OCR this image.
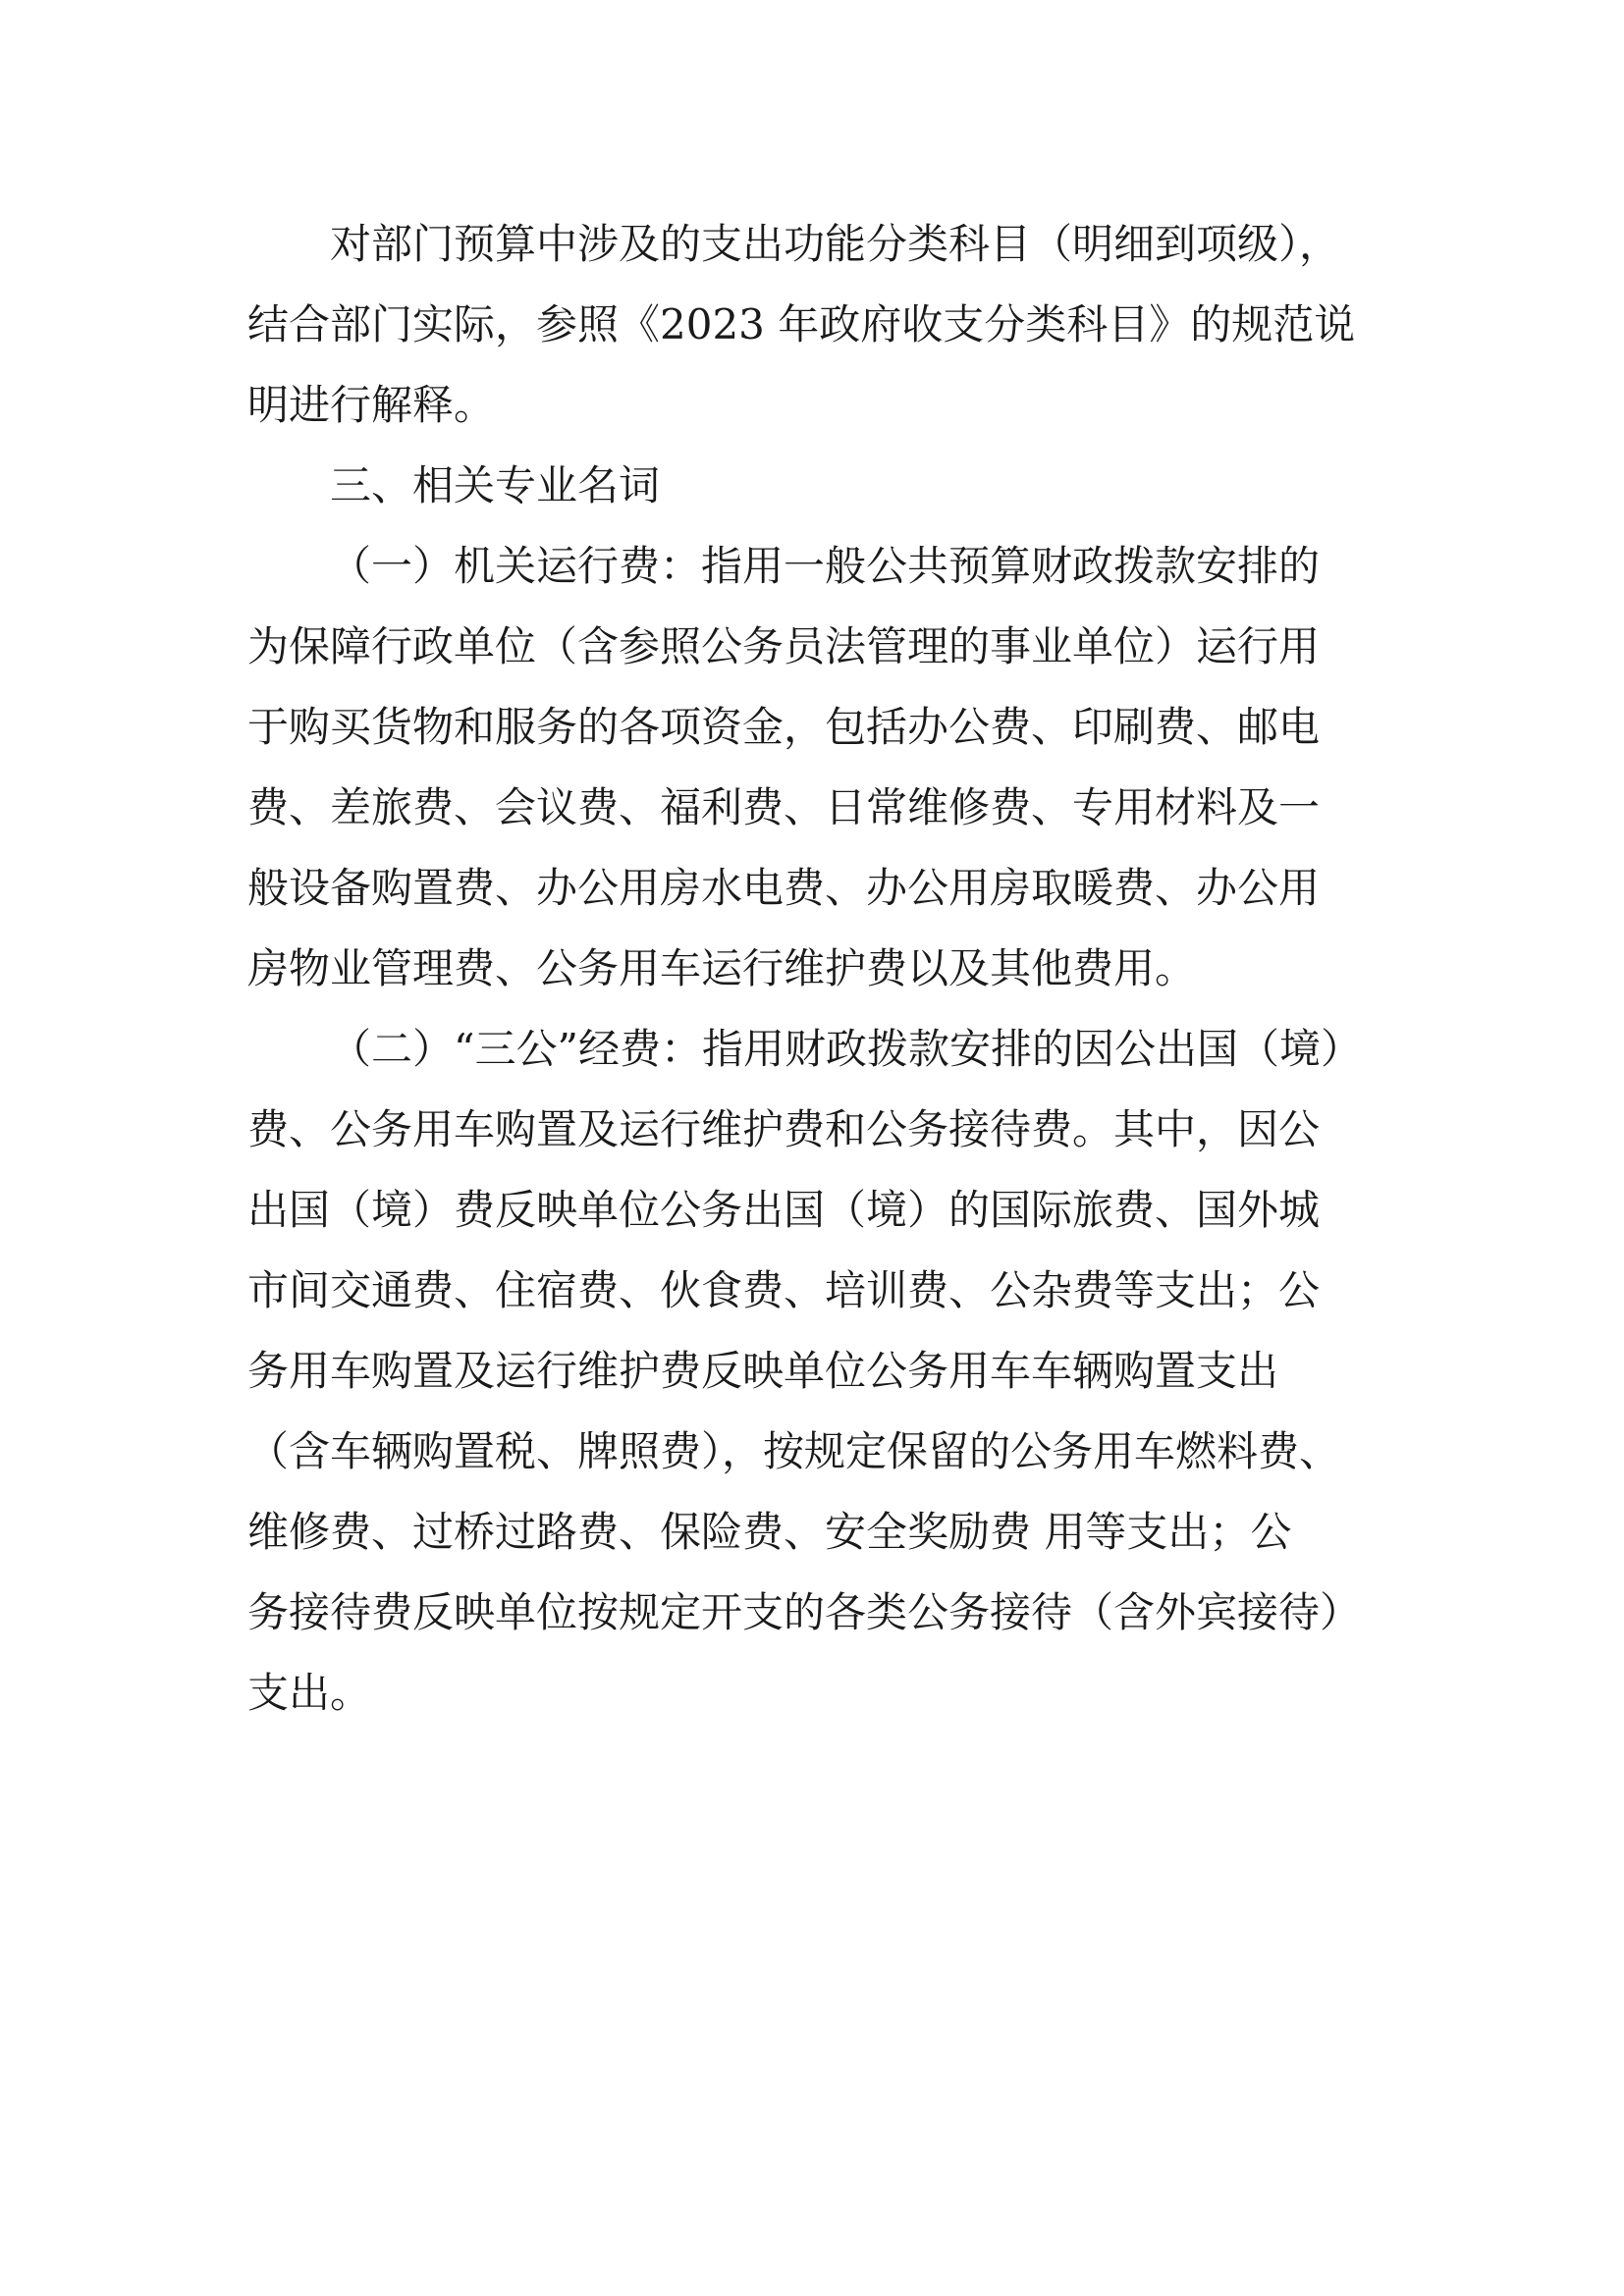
对部门预算中涉及的支出功能分类科目（明细到项级），
结合部门实际，参照《2023 年政府收支分类科目》的规范说
明进行解释。
三、相关专业名词
（一）机关运行费：指用一般公共预算财政拨款安排的
为保障行政单位（含参照公务员法管理的事业单位）运行用
于购买货物和服务的各项资金，包括办公费、印刷费、邮电
费、差旅费、会议费、福利费、日常维修费、专用材料及一
般设备购置费、办公用房水电费、办公用房取暖费、办公用
房物业管理费、公务用车运行维护费以及其他费用。
（二）“三公”经费：指用财政拨款安排的因公出国（境）
费、公务用车购置及运行维护费和公务接待费。其中，因公
出国（境）费反映单位公务出国（境）的国际旅费、国外城
市间交通费、住宿费、伙食费、培训费、公杂费等支出；公
务用车购置及运行维护费反映单位公务用车车辆购置支出
（含车辆购置税、牌照费），按规定保留的公务用车燃料费、
维修费、过桥过路费、保险费、安全奖励费 用等支出；公
务接待费反映单位按规定开支的各类公务接待（含外宾接待）
支出。
